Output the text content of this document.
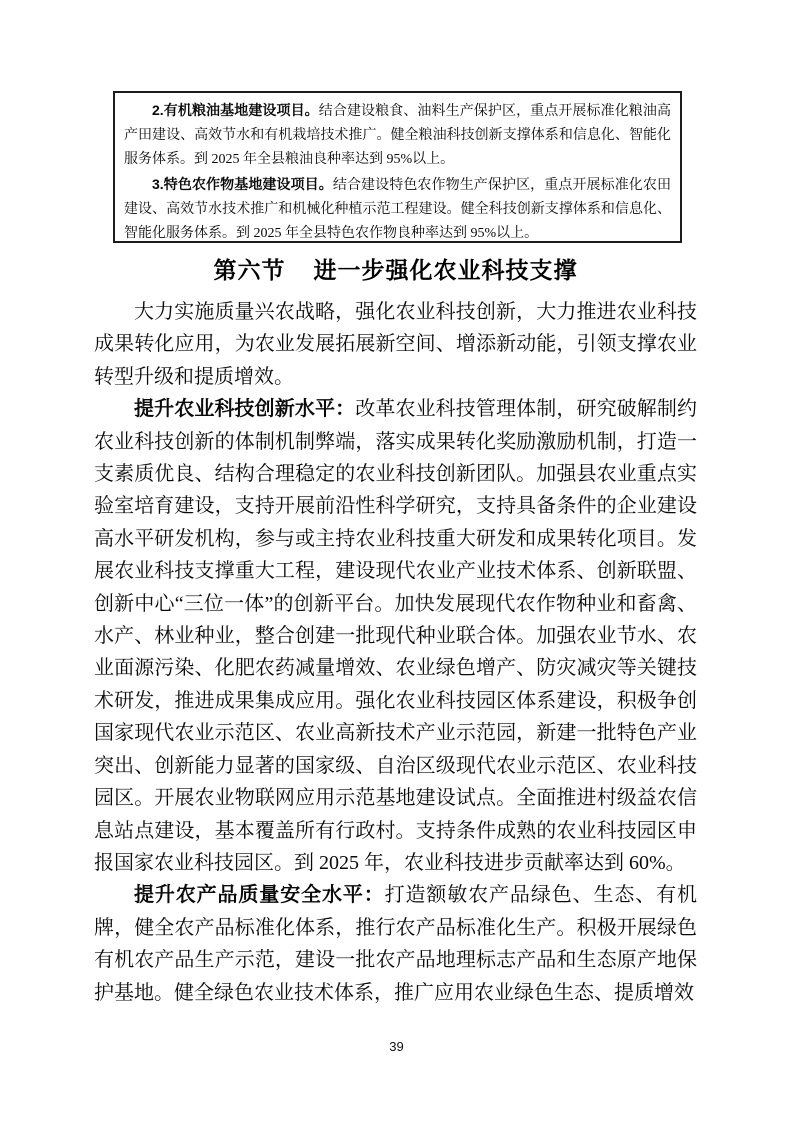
2.有机粮油基地建设项目。结合建设粮食、油料生产保护区，重点开展标准化粮油高产田建设、高效节水和有机栽培技术推广。健全粮油科技创新支撑体系和信息化、智能化服务体系。到 2025 年全县粮油良种率达到 95%以上。

3.特色农作物基地建设项目。结合建设特色农作物生产保护区，重点开展标准化农田建设、高效节水技术推广和机械化种植示范工程建设。健全科技创新支撑体系和信息化、智能化服务体系。到 2025 年全县特色农作物良种率达到 95%以上。

第六节 进一步强化农业科技支撑

大力实施质量兴农战略，强化农业科技创新，大力推进农业科技成果转化应用，为农业发展拓展新空间、增添新动能，引领支撑农业转型升级和提质增效。

提升农业科技创新水平：改革农业科技管理体制，研究破解制约农业科技创新的体制机制弊端，落实成果转化奖励激励机制，打造一支素质优良、结构合理稳定的农业科技创新团队。加强县农业重点实验室培育建设，支持开展前沿性科学研究，支持具备条件的企业建设高水平研发机构，参与或主持农业科技重大研发和成果转化项目。发展农业科技支撑重大工程，建设现代农业产业技术体系、创新联盟、创新中心“三位一体”的创新平台。加快发展现代农作物种业和畜禽、水产、林业种业，整合创建一批现代种业联合体。加强农业节水、农业面源污染、化肥农药减量增效、农业绿色增产、防灾减灾等关键技术研发，推进成果集成应用。强化农业科技园区体系建设，积极争创国家现代农业示范区、农业高新技术产业示范园，新建一批特色产业突出、创新能力显著的国家级、自治区级现代农业示范区、农业科技园区。开展农业物联网应用示范基地建设试点。全面推进村级益农信息站点建设，基本覆盖所有行政村。支持条件成熟的农业科技园区申报国家农业科技园区。到 2025 年，农业科技进步贡献率达到 60%。

提升农产品质量安全水平：打造额敏农产品绿色、生态、有机牌，健全农产品标准化体系，推行农产品标准化生产。积极开展绿色有机农产品生产示范，建设一批农产品地理标志产品和生态原产地保护基地。健全绿色农业技术体系，推广应用农业绿色生态、提质增效

39
